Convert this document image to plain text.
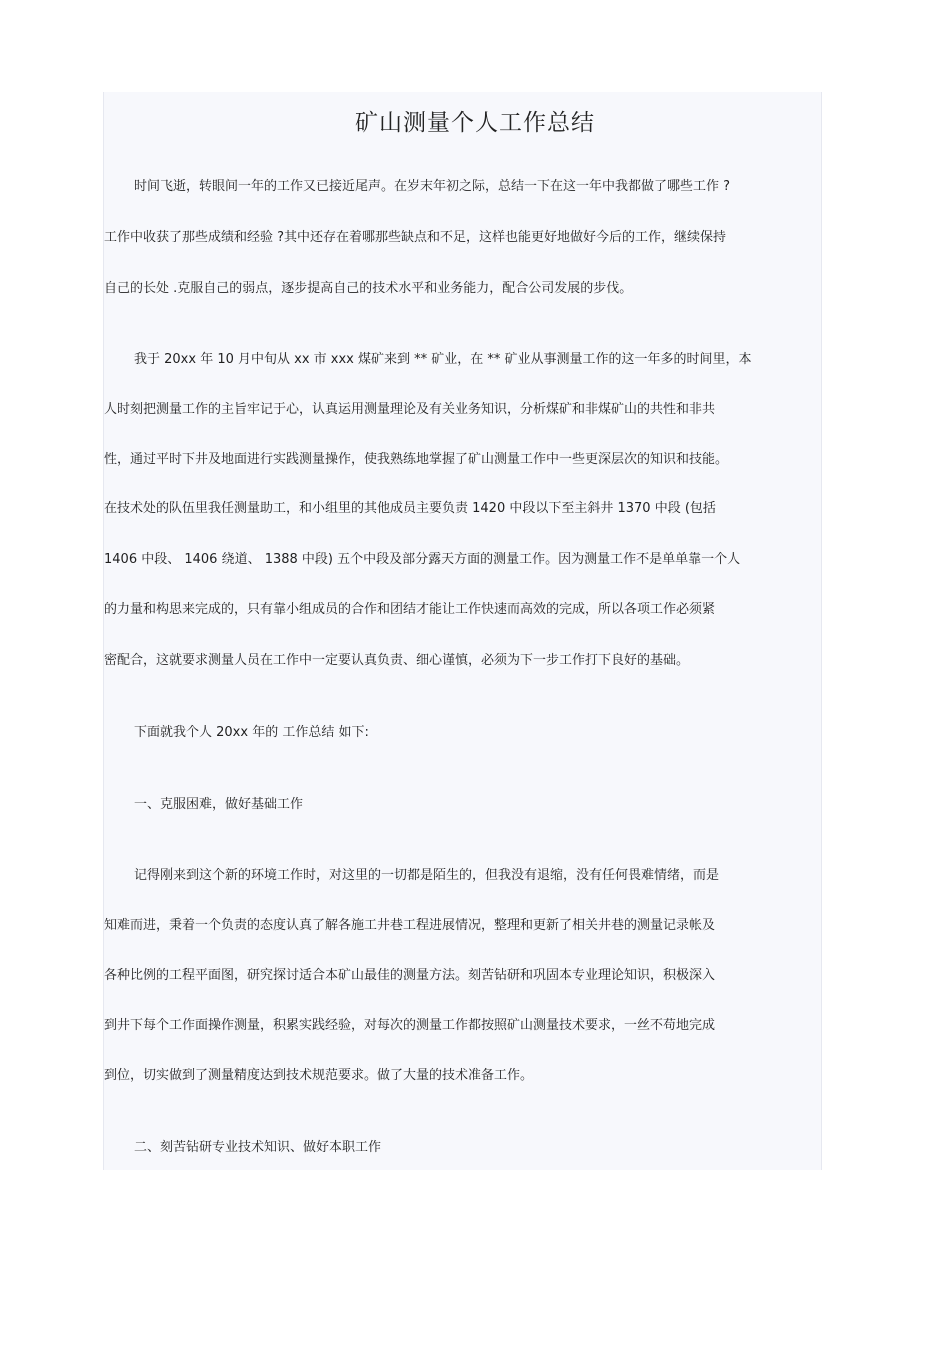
矿山测量个人工作总结
时间飞逝，转眼间一年的工作又已接近尾声。在岁末年初之际，总结一下在这一年中我都做了哪些工作 ?
工作中收获了那些成绩和经验 ?其中还存在着哪那些缺点和不足，这样也能更好地做好今后的工作，继续保持
自己的长处 .克服自己的弱点，逐步提高自己的技术水平和业务能力，配合公司发展的步伐。
我于 20xx 年 10 月中旬从 xx 市 xxx 煤矿来到 ** 矿业，在 ** 矿业从事测量工作的这一年多的时间里，本
人时刻把测量工作的主旨牢记于心，认真运用测量理论及有关业务知识，分析煤矿和非煤矿山的共性和非共
性，通过平时下井及地面进行实践测量操作，使我熟练地掌握了矿山测量工作中一些更深层次的知识和技能。
在技术处的队伍里我任测量助工，和小组里的其他成员主要负责 1420 中段以下至主斜井 1370 中段 (包括
1406 中段、 1406 绕道、 1388 中段) 五个中段及部分露天方面的测量工作。因为测量工作不是单单靠一个人
的力量和构思来完成的，只有靠小组成员的合作和团结才能让工作快速而高效的完成，所以各项工作必须紧
密配合，这就要求测量人员在工作中一定要认真负责、细心谨慎，必须为下一步工作打下良好的基础。
下面就我个人 20xx 年的 工作总结 如下:
一、克服困难，做好基础工作
记得刚来到这个新的环境工作时，对这里的一切都是陌生的，但我没有退缩，没有任何畏难情绪，而是
知难而进，秉着一个负责的态度认真了解各施工井巷工程进展情况，整理和更新了相关井巷的测量记录帐及
各种比例的工程平面图，研究探讨适合本矿山最佳的测量方法。刻苦钻研和巩固本专业理论知识，积极深入
到井下每个工作面操作测量，积累实践经验，对每次的测量工作都按照矿山测量技术要求，一丝不苟地完成
到位，切实做到了测量精度达到技术规范要求。做了大量的技术准备工作。
二、刻苦钻研专业技术知识、做好本职工作
